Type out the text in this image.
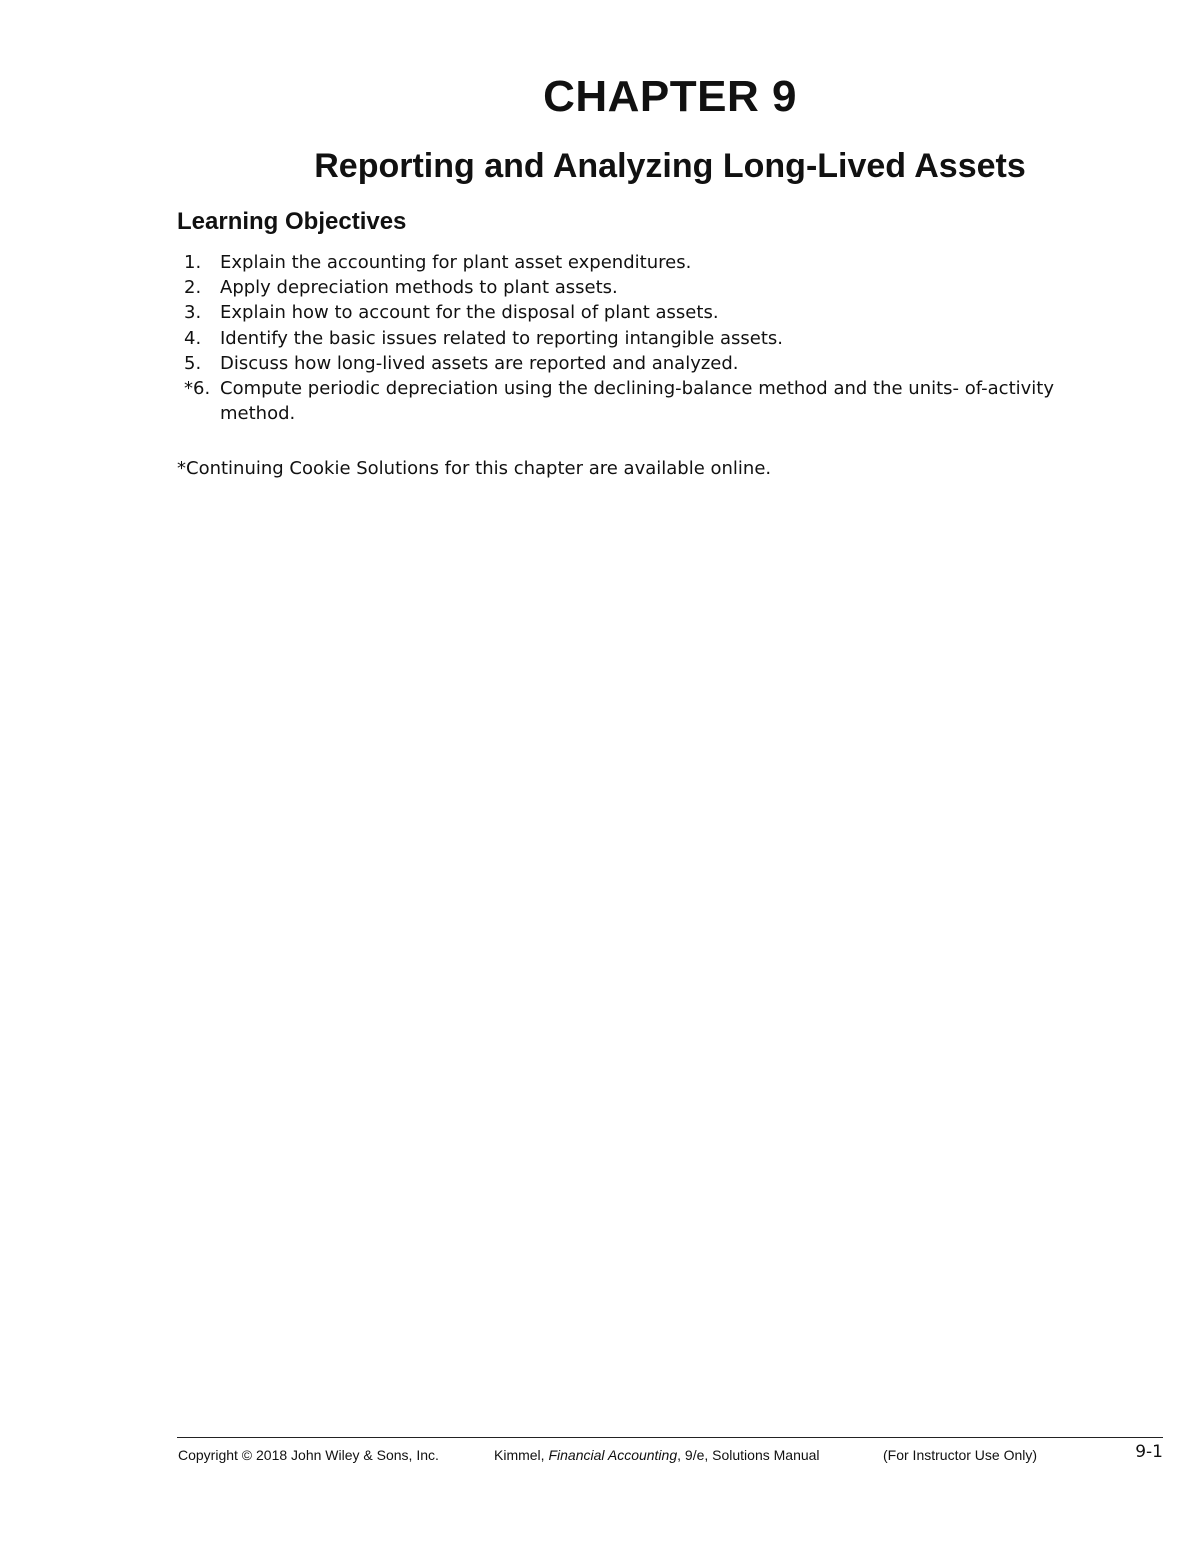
CHAPTER 9
Reporting and Analyzing Long-Lived Assets
Learning Objectives
1.	Explain the accounting for plant asset expenditures.
2.	Apply depreciation methods to plant assets.
3.	Explain how to account for the disposal of plant assets.
4.	Identify the basic issues related to reporting intangible assets.
5.	Discuss how long-lived assets are reported and analyzed.
*6. Compute periodic depreciation using the declining-balance method and the units- of-activity method.
*Continuing Cookie Solutions for this chapter are available online.
Copyright © 2018 John Wiley & Sons, Inc.	Kimmel, Financial Accounting, 9/e, Solutions Manual	(For Instructor Use Only)	9-1
